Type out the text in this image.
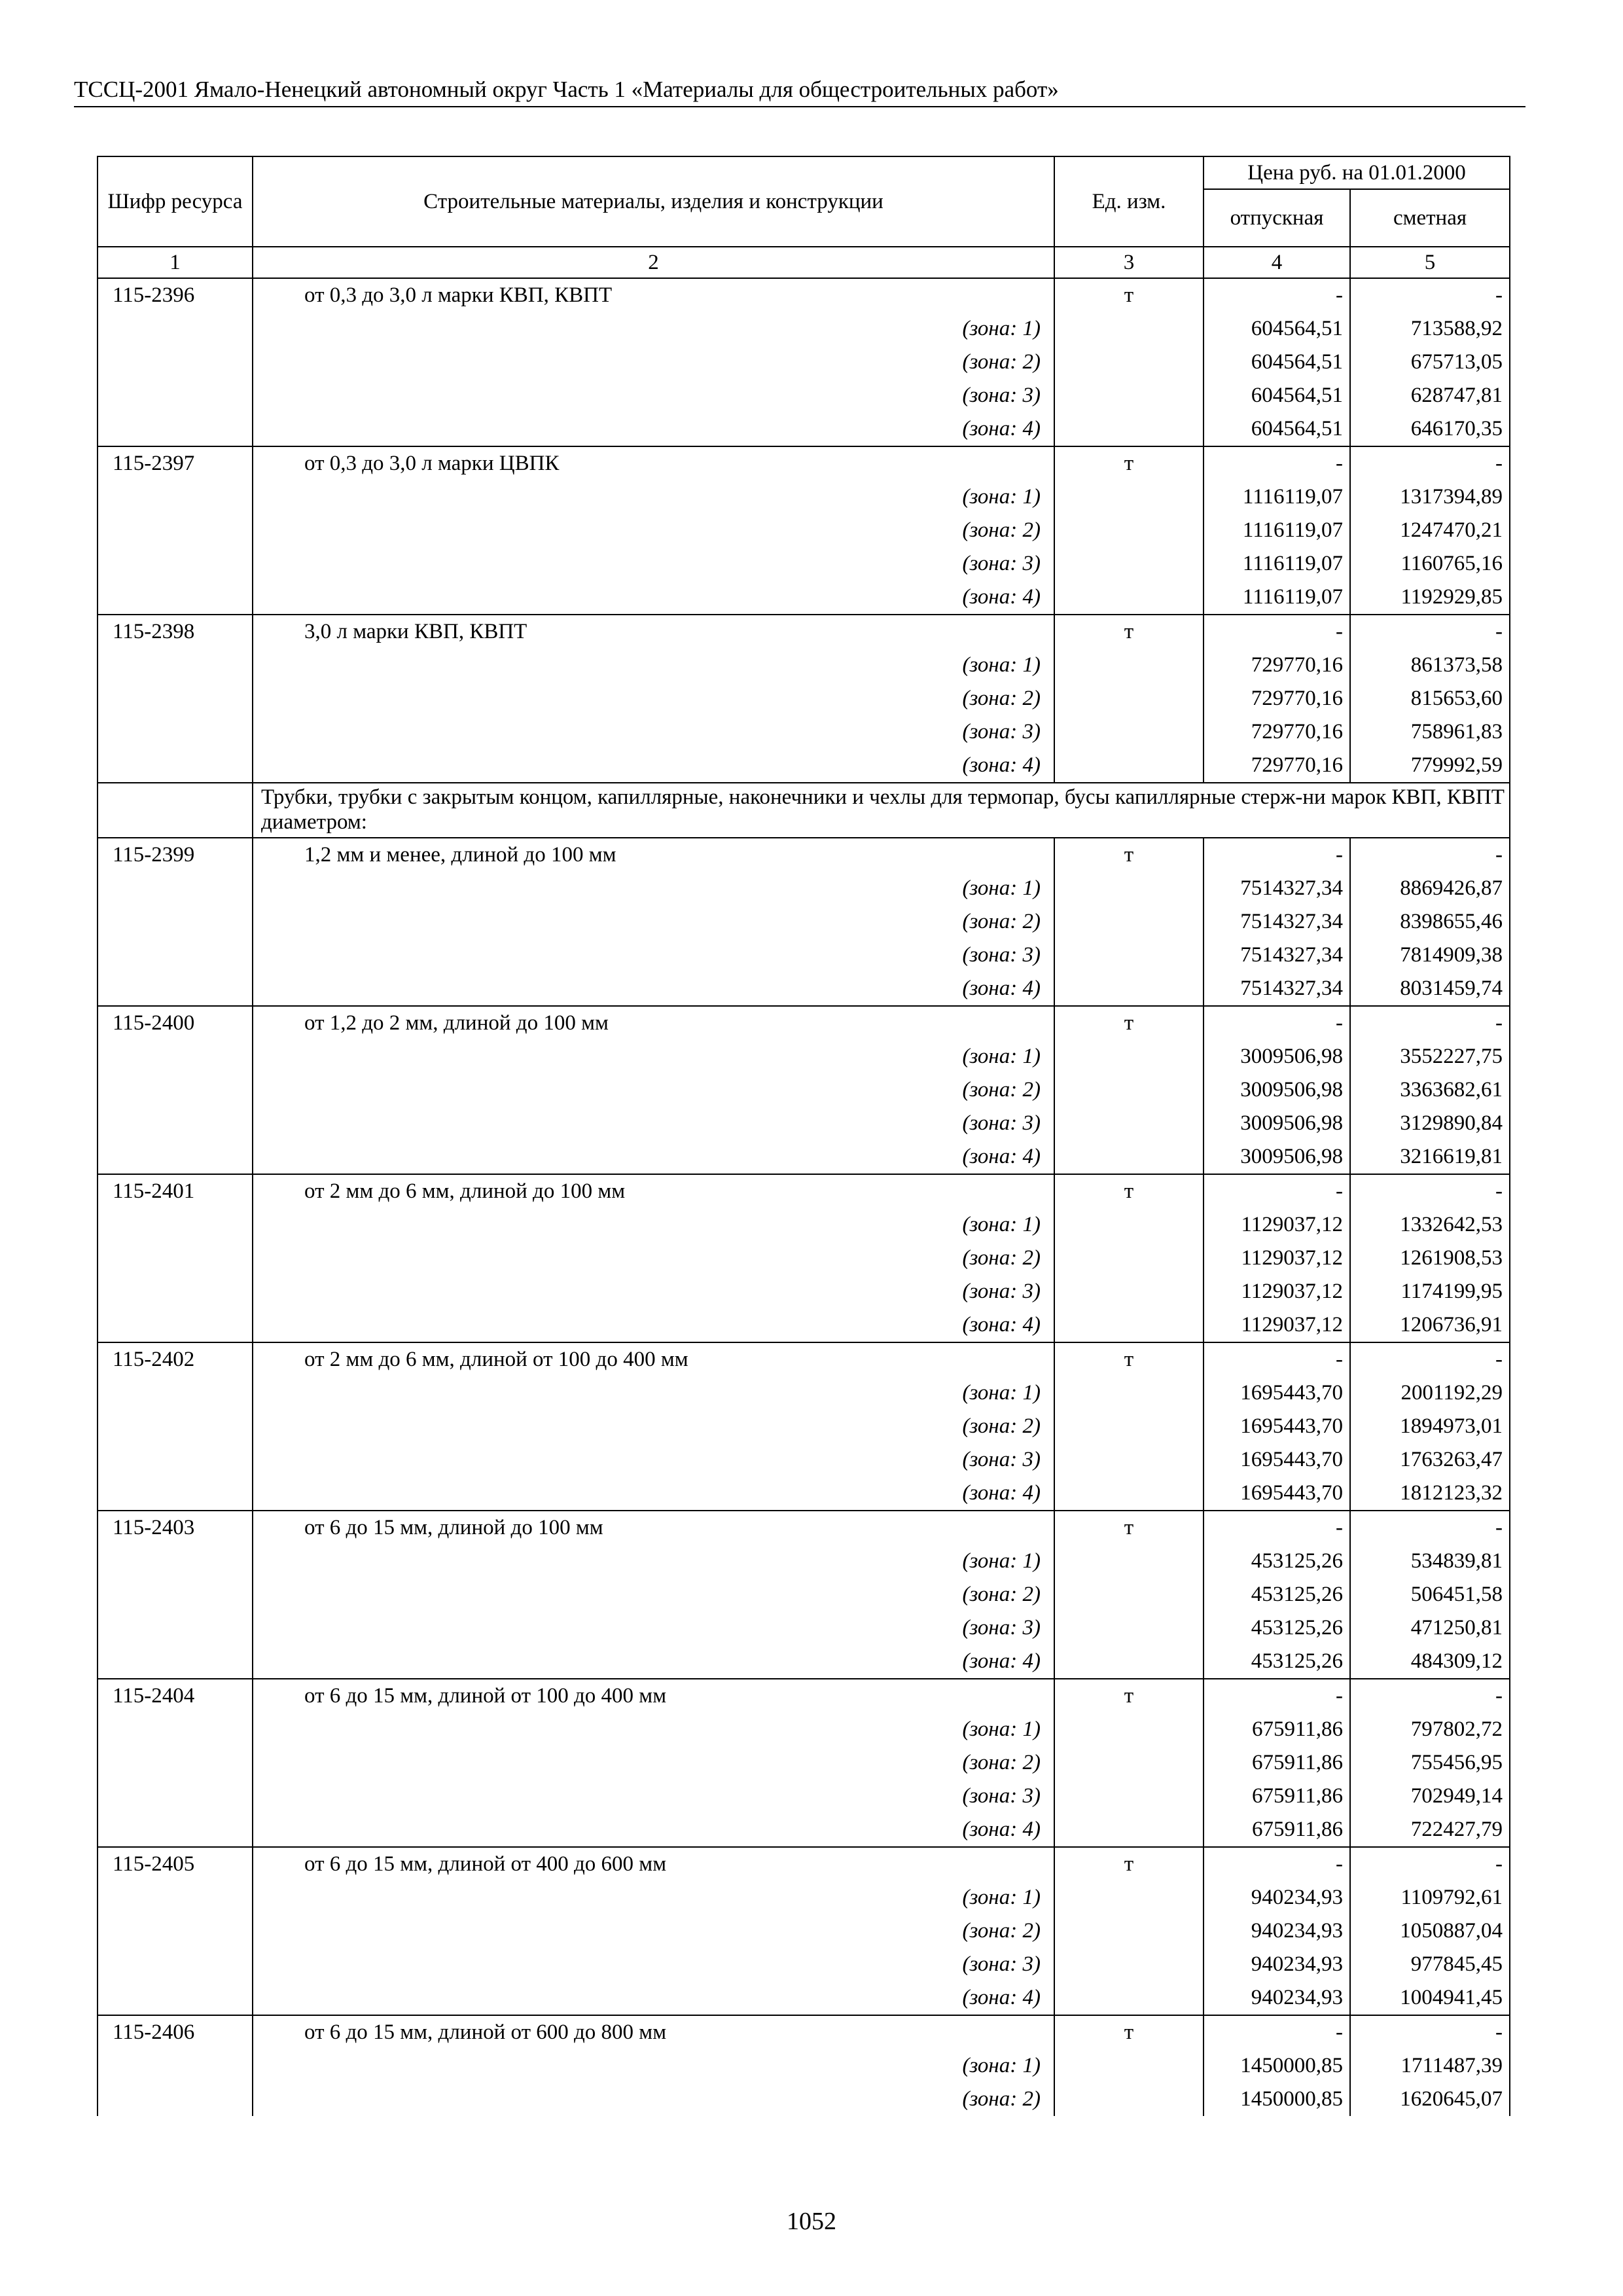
ТССЦ-2001 Ямало-Ненецкий автономный округ Часть 1 «Материалы для общестроительных работ»
Шифр ресурса	Строительные материалы, изделия и конструкции	Ед. изм.	Цена руб. на 01.01.2000	
			отпускная	сметная
1	2	3	4	5
115-2396	от 0,3 до 3,0 л марки КВП, КВПТ	т	-	-
	(зона: 1)		604564,51	713588,92
	(зона: 2)		604564,51	675713,05
	(зона: 3)		604564,51	628747,81
	(зона: 4)		604564,51	646170,35
115-2397	от 0,3 до 3,0 л марки ЦВПК	т	-	-
	(зона: 1)		1116119,07	1317394,89
	(зона: 2)		1116119,07	1247470,21
	(зона: 3)		1116119,07	1160765,16
	(зона: 4)		1116119,07	1192929,85
115-2398	3,0 л марки КВП, КВПТ	т	-	-
	(зона: 1)		729770,16	861373,58
	(зона: 2)		729770,16	815653,60
	(зона: 3)		729770,16	758961,83
	(зона: 4)		729770,16	779992,59
	Трубки, трубки с закрытым концом, капиллярные, наконечники и чехлы для термопар, бусы капиллярные стерж-ни марок КВП, КВПТ диаметром:			
115-2399	1,2 мм и менее, длиной до 100 мм	т	-	-
	(зона: 1)		7514327,34	8869426,87
	(зона: 2)		7514327,34	8398655,46
	(зона: 3)		7514327,34	7814909,38
	(зона: 4)		7514327,34	8031459,74
115-2400	от 1,2 до 2 мм, длиной до 100 мм	т	-	-
	(зона: 1)		3009506,98	3552227,75
	(зона: 2)		3009506,98	3363682,61
	(зона: 3)		3009506,98	3129890,84
	(зона: 4)		3009506,98	3216619,81
115-2401	от 2 мм до 6 мм, длиной до 100 мм	т	-	-
	(зона: 1)		1129037,12	1332642,53
	(зона: 2)		1129037,12	1261908,53
	(зона: 3)		1129037,12	1174199,95
	(зона: 4)		1129037,12	1206736,91
115-2402	от 2 мм до 6 мм, длиной от 100 до 400 мм	т	-	-
	(зона: 1)		1695443,70	2001192,29
	(зона: 2)		1695443,70	1894973,01
	(зона: 3)		1695443,70	1763263,47
	(зона: 4)		1695443,70	1812123,32
115-2403	от 6 до 15 мм, длиной до 100 мм	т	-	-
	(зона: 1)		453125,26	534839,81
	(зона: 2)		453125,26	506451,58
	(зона: 3)		453125,26	471250,81
	(зона: 4)		453125,26	484309,12
115-2404	от 6 до 15 мм, длиной от 100 до 400 мм	т	-	-
	(зона: 1)		675911,86	797802,72
	(зона: 2)		675911,86	755456,95
	(зона: 3)		675911,86	702949,14
	(зона: 4)		675911,86	722427,79
115-2405	от 6 до 15 мм, длиной от 400 до 600 мм	т	-	-
	(зона: 1)		940234,93	1109792,61
	(зона: 2)		940234,93	1050887,04
	(зона: 3)		940234,93	977845,45
	(зона: 4)		940234,93	1004941,45
115-2406	от 6 до 15 мм, длиной от 600 до 800 мм	т	-	-
	(зона: 1)		1450000,85	1711487,39
	(зона: 2)		1450000,85	1620645,07
1052
